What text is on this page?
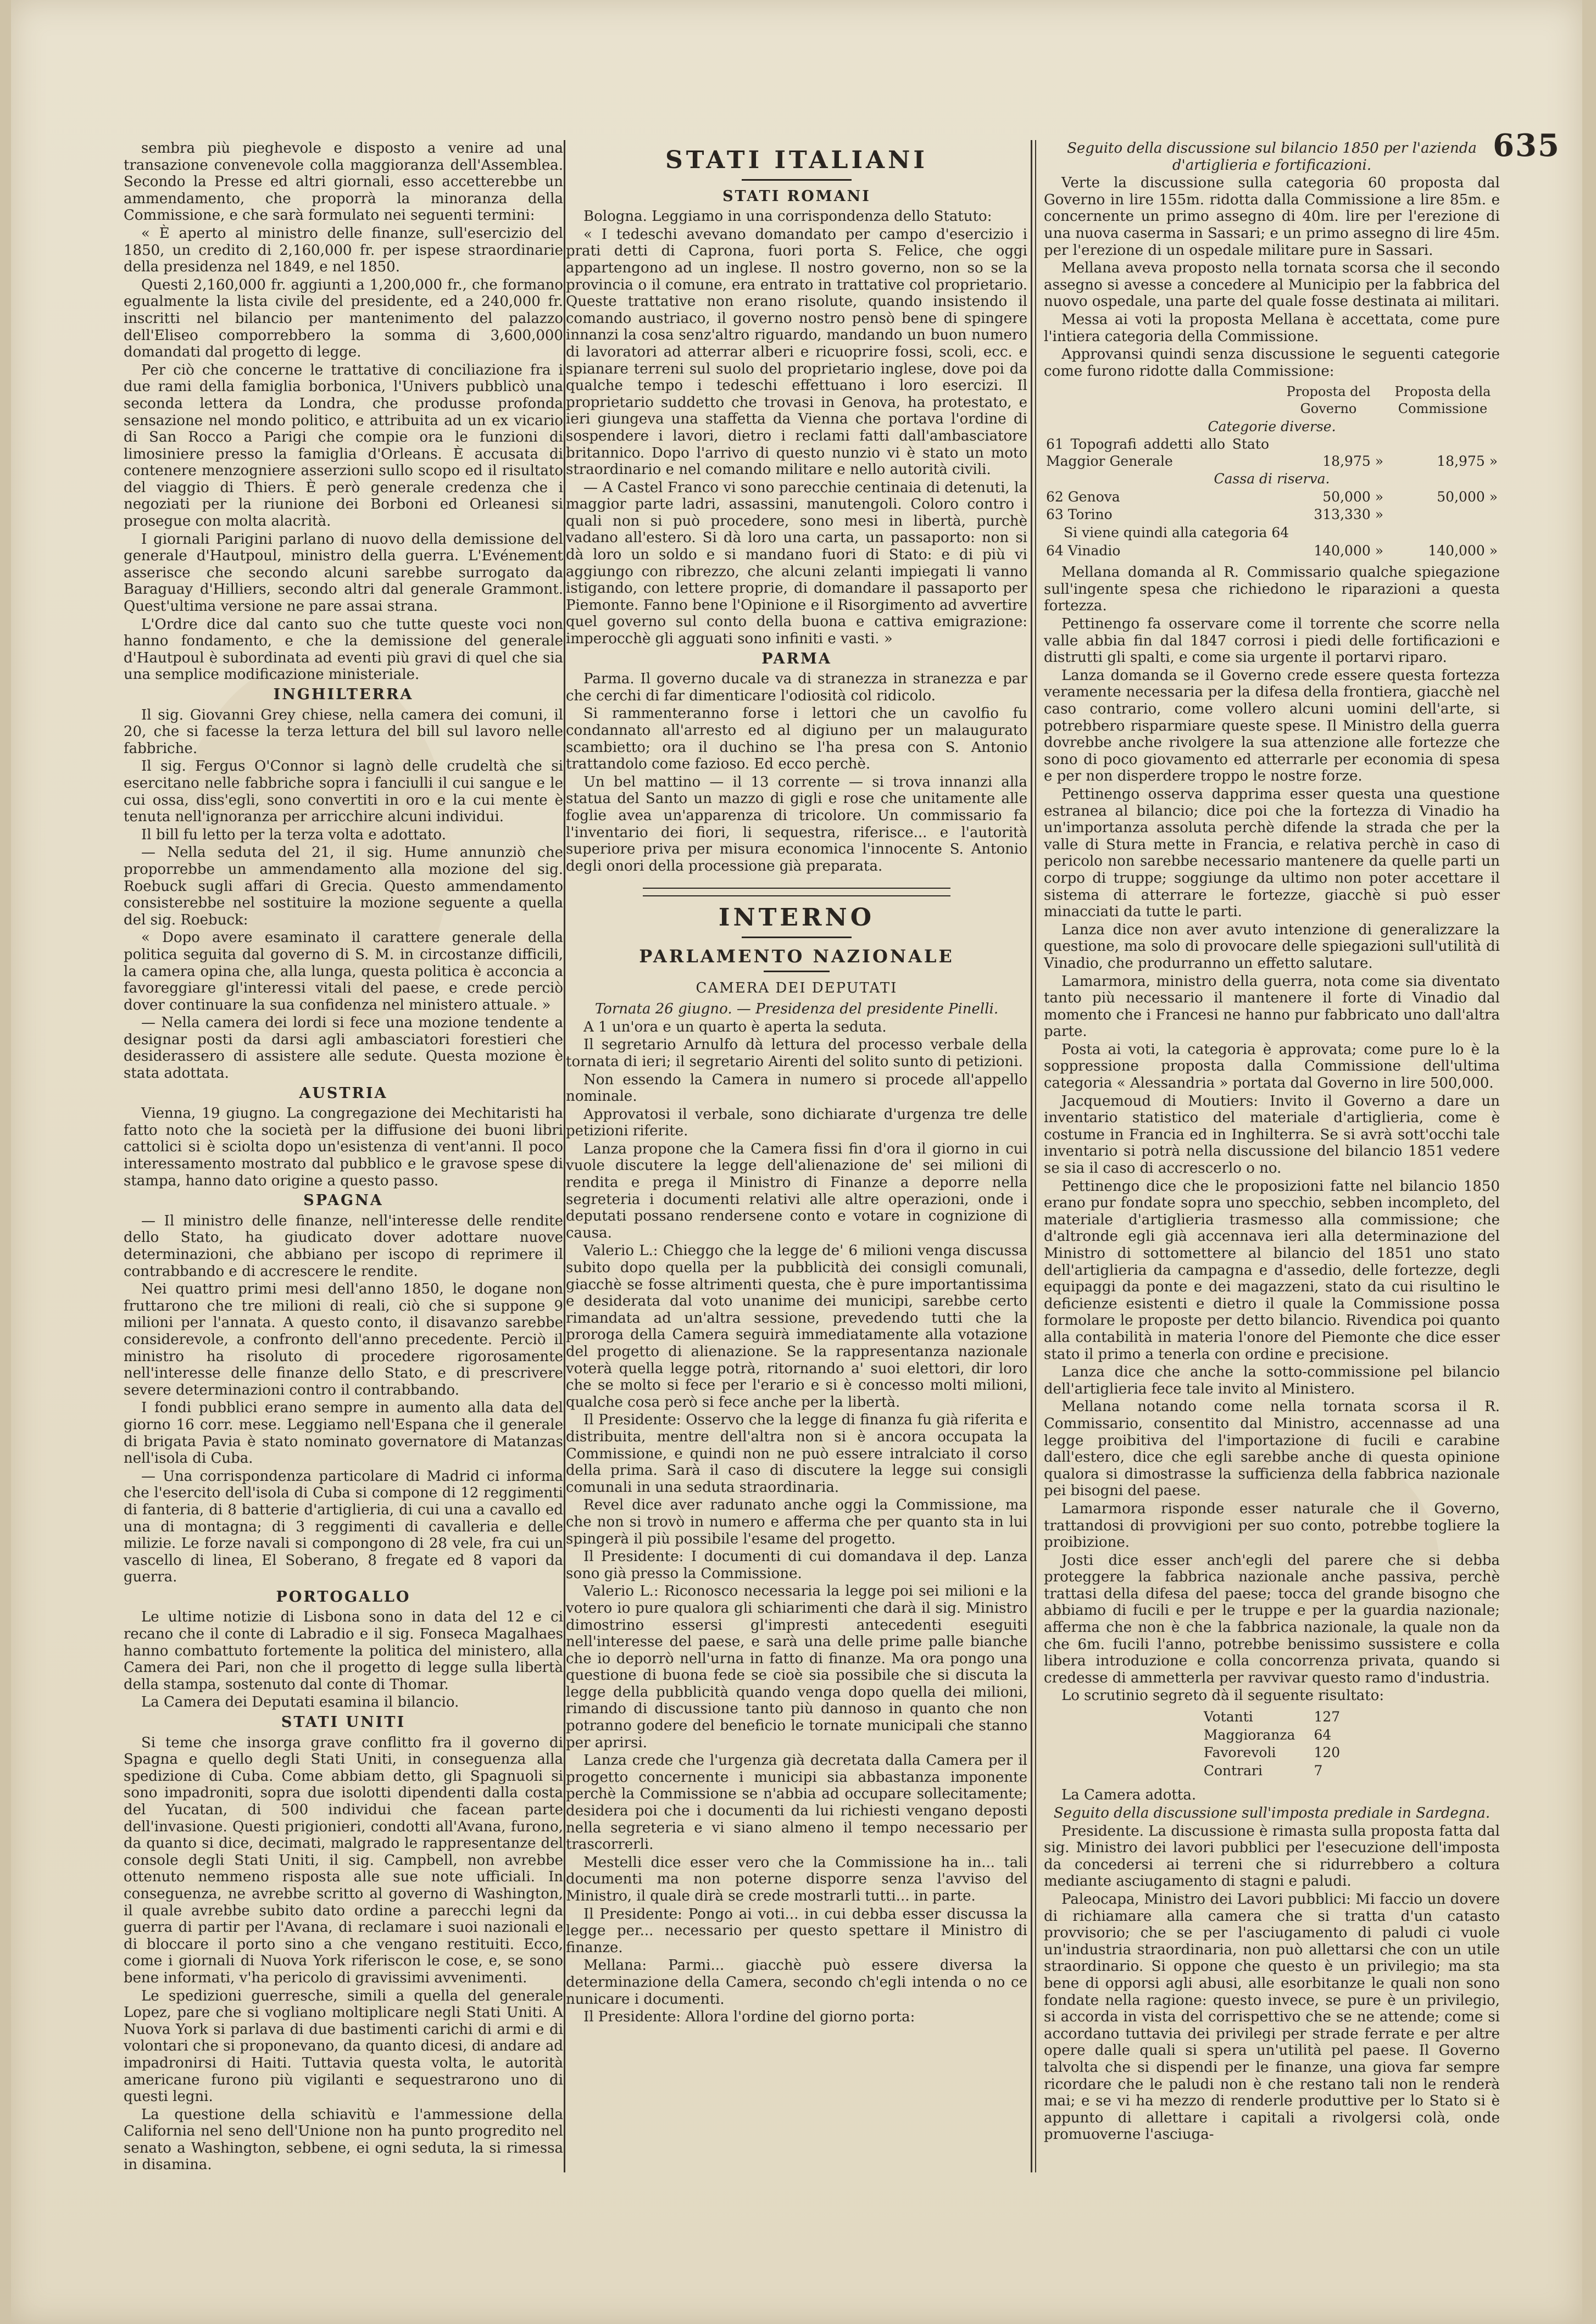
635

sembra più pieghevole e disposto a venire ad una transazione convenevole colla maggioranza dell'Assemblea. Secondo la Presse ed altri giornali, esso accetterebbe un ammendamento, che proporrà la minoranza della Commissione, e che sarà formulato nei seguenti termini:

« È aperto al ministro delle finanze, sull'esercizio del 1850, un credito di 2,160,000 fr. per ispese straordinarie della presidenza nel 1849, e nel 1850.

Questi 2,160,000 fr. aggiunti a 1,200,000 fr., che formano egualmente la lista civile del presidente, ed a 240,000 fr. inscritti nel bilancio per mantenimento del palazzo dell'Eliseo comporrebbero la somma di 3,600,000 domandati dal progetto di legge.

Per ciò che concerne le trattative di conciliazione fra i due rami della famiglia borbonica, l'Univers pubblicò una seconda lettera da Londra, che produsse profonda sensazione nel mondo politico, e attribuita ad un ex vicario di San Rocco a Parigi che compie ora le funzioni di limosiniere presso la famiglia d'Orleans. È accusata di contenere menzogniere asserzioni sullo scopo ed il risultato del viaggio di Thiers. È però generale credenza che i negoziati per la riunione dei Borboni ed Orleanesi si prosegue con molta alacrità.

I giornali Parigini parlano di nuovo della demissione del generale d'Hautpoul, ministro della guerra. L'Evénement asserisce che secondo alcuni sarebbe surrogato da Baraguay d'Hilliers, secondo altri dal generale Grammont. Quest'ultima versione ne pare assai strana.

L'Ordre dice dal canto suo che tutte queste voci non hanno fondamento, e che la demissione del generale d'Hautpoul è subordinata ad eventi più gravi di quel che sia una semplice modificazione ministeriale.

INGHILTERRA

Il sig. Giovanni Grey chiese, nella camera dei comuni, il 20, che si facesse la terza lettura del bill sul lavoro nelle fabbriche.

Il sig. Fergus O'Connor si lagnò delle crudeltà che si esercitano nelle fabbriche sopra i fanciulli il cui sangue e le cui ossa, diss'egli, sono convertiti in oro e la cui mente è tenuta nell'ignoranza per arricchire alcuni individui.

Il bill fu letto per la terza volta e adottato.

— Nella seduta del 21, il sig. Hume annunziò che proporrebbe un ammendamento alla mozione del sig. Roebuck sugli affari di Grecia. Questo ammendamento consisterebbe nel sostituire la mozione seguente a quella del sig. Roebuck:

« Dopo avere esaminato il carattere generale della politica seguita dal governo di S. M. in circostanze difficili, la camera opina che, alla lunga, questa politica è acconcia a favoreggiare gl'interessi vitali del paese, e crede perciò dover continuare la sua confidenza nel ministero attuale. »

— Nella camera dei lordi si fece una mozione tendente a designar posti da darsi agli ambasciatori forestieri che desiderassero di assistere alle sedute. Questa mozione è stata adottata.

AUSTRIA

Vienna, 19 giugno. La congregazione dei Mechitaristi ha fatto noto che la società per la diffusione dei buoni libri cattolici si è sciolta dopo un'esistenza di vent'anni. Il poco interessamento mostrato dal pubblico e le gravose spese di stampa, hanno dato origine a questo passo.

SPAGNA

— Il ministro delle finanze, nell'interesse delle rendite dello Stato, ha giudicato dover adottare nuove determinazioni, che abbiano per iscopo di reprimere il contrabbando e di accrescere le rendite.

Nei quattro primi mesi dell'anno 1850, le dogane non fruttarono che tre milioni di reali, ciò che si suppone 9 milioni per l'annata. A questo conto, il disavanzo sarebbe considerevole, a confronto dell'anno precedente. Perciò il ministro ha risoluto di procedere rigorosamente nell'interesse delle finanze dello Stato, e di prescrivere severe determinazioni contro il contrabbando.

I fondi pubblici erano sempre in aumento alla data del giorno 16 corr. mese. Leggiamo nell'Espana che il generale di brigata Pavia è stato nominato governatore di Matanzas nell'isola di Cuba.

— Una corrispondenza particolare di Madrid ci informa che l'esercito dell'isola di Cuba si compone di 12 reggimenti di fanteria, di 8 batterie d'artiglieria, di cui una a cavallo ed una di montagna; di 3 reggimenti di cavalleria e delle milizie. Le forze navali si compongono di 28 vele, fra cui un vascello di linea, El Soberano, 8 fregate ed 8 vapori da guerra.

PORTOGALLO

Le ultime notizie di Lisbona sono in data del 12 e ci recano che il conte di Labradio e il sig. Fonseca Magalhaes hanno combattuto fortemente la politica del ministero, alla Camera dei Pari, non che il progetto di legge sulla libertà della stampa, sostenuto dal conte di Thomar.

La Camera dei Deputati esamina il bilancio.

STATI UNITI

Si teme che insorga grave conflitto fra il governo di Spagna e quello degli Stati Uniti, in conseguenza alla spedizione di Cuba. Come abbiam detto, gli Spagnuoli si sono impadroniti, sopra due isolotti dipendenti dalla costa del Yucatan, di 500 individui che facean parte dell'invasione. Questi prigionieri, condotti all'Avana, furono, da quanto si dice, decimati, malgrado le rappresentanze del console degli Stati Uniti, il sig. Campbell, non avrebbe ottenuto nemmeno risposta alle sue note ufficiali. In conseguenza, ne avrebbe scritto al governo di Washington, il quale avrebbe subito dato ordine a parecchi legni da guerra di partir per l'Avana, di reclamare i suoi nazionali e di bloccare il porto sino a che vengano restituiti. Ecco, come i giornali di Nuova York riferiscon le cose, e, se sono bene informati, v'ha pericolo di gravissimi avvenimenti.

Le spedizioni guerresche, simili a quella del generale Lopez, pare che si vogliano moltiplicare negli Stati Uniti. A Nuova York si parlava di due bastimenti carichi di armi e di volontari che si proponevano, da quanto dicesi, di andare ad impadronirsi di Haiti. Tuttavia questa volta, le autorità americane furono più vigilanti e sequestrarono uno di questi legni.

La questione della schiavitù e l'ammessione della California nel seno dell'Unione non ha punto progredito nel senato a Washington, sebbene, ei ogni seduta, la si rimessa in disamina.

STATI ITALIANI
STATI ROMANI

Bologna. Leggiamo in una corrispondenza dello Statuto:

« I tedeschi avevano domandato per campo d'esercizio i prati detti di Caprona, fuori porta S. Felice, che oggi appartengono ad un inglese. Il nostro governo, non so se la provincia o il comune, era entrato in trattative col proprietario. Queste trattative non erano risolute, quando insistendo il comando austriaco, il governo nostro pensò bene di spingere innanzi la cosa senz'altro riguardo, mandando un buon numero di lavoratori ad atterrar alberi e ricuoprire fossi, scoli, ecc. e spianare terreni sul suolo del proprietario inglese, dove poi da qualche tempo i tedeschi effettuano i loro esercizi. Il proprietario suddetto che trovasi in Genova, ha protestato, e ieri giungeva una staffetta da Vienna che portava l'ordine di sospendere i lavori, dietro i reclami fatti dall'ambasciatore britannico. Dopo l'arrivo di questo nunzio vi è stato un moto straordinario e nel comando militare e nello autorità civili.

— A Castel Franco vi sono parecchie centinaia di detenuti, la maggior parte ladri, assassini, manutengoli. Coloro contro i quali non si può procedere, sono mesi in libertà, purchè vadano all'estero. Si dà loro una carta, un passaporto: non si dà loro un soldo e si mandano fuori di Stato: e di più vi aggiungo con ribrezzo, che alcuni zelanti impiegati li vanno istigando, con lettere proprie, di domandare il passaporto per Piemonte. Fanno bene l'Opinione e il Risorgimento ad avvertire quel governo sul conto della buona e cattiva emigrazione: imperocchè gli agguati sono infiniti e vasti. »

PARMA

Parma. Il governo ducale va di stranezza in stranezza e par che cerchi di far dimenticare l'odiosità col ridicolo.

Si rammenteranno forse i lettori che un cavolfio fu condannato all'arresto ed al digiuno per un malaugurato scambietto; ora il duchino se l'ha presa con S. Antonio trattandolo come fazioso. Ed ecco perchè.

Un bel mattino — il 13 corrente — si trova innanzi alla statua del Santo un mazzo di gigli e rose che unitamente alle foglie avea un'apparenza di tricolore. Un commissario fa l'inventario dei fiori, li sequestra, riferisce... e l'autorità superiore priva per misura economica l'innocente S. Antonio degli onori della processione già preparata.

INTERNO
PARLAMENTO NAZIONALE
CAMERA DEI DEPUTATI

Tornata 26 giugno. — Presidenza del presidente Pinelli.

A 1 un'ora e un quarto è aperta la seduta.

Il segretario Arnulfo dà lettura del processo verbale della tornata di ieri; il segretario Airenti del solito sunto di petizioni.

Non essendo la Camera in numero si procede all'appello nominale.

Approvatosi il verbale, sono dichiarate d'urgenza tre delle petizioni riferite.

Lanza propone che la Camera fissi fin d'ora il giorno in cui vuole discutere la legge dell'alienazione de' sei milioni di rendita e prega il Ministro di Finanze a deporre nella segreteria i documenti relativi alle altre operazioni, onde i deputati possano rendersene conto e votare in cognizione di causa.

Valerio L.: Chieggo che la legge de' 6 milioni venga discussa subito dopo quella per la pubblicità dei consigli comunali, giacchè se fosse altrimenti questa, che è pure importantissima e desiderata dal voto unanime dei municipi, sarebbe certo rimandata ad un'altra sessione, prevedendo tutti che la proroga della Camera seguirà immediatamente alla votazione del progetto di alienazione. Se la rappresentanza nazionale voterà quella legge potrà, ritornando a' suoi elettori, dir loro che se molto si fece per l'erario e si è concesso molti milioni, qualche cosa però si fece anche per la libertà.

Il Presidente: Osservo che la legge di finanza fu già riferita e distribuita, mentre dell'altra non si è ancora occupata la Commissione, e quindi non ne può essere intralciato il corso della prima. Sarà il caso di discutere la legge sui consigli comunali in una seduta straordinaria.

Revel dice aver radunato anche oggi la Commissione, ma che non si trovò in numero e afferma che per quanto sta in lui spingerà il più possibile l'esame del progetto.

Il Presidente: I documenti di cui domandava il dep. Lanza sono già presso la Commissione.

Valerio L.: Riconosco necessaria la legge poi sei milioni e la votero io pure qualora gli schiarimenti che darà il sig. Ministro dimostrino essersi gl'impresti antecedenti eseguiti nell'interesse del paese, e sarà una delle prime palle bianche che io deporrò nell'urna in fatto di finanze. Ma ora pongo una questione di buona fede se cioè sia possibile che si discuta la legge della pubblicità quando venga dopo quella dei milioni, rimando di discussione tanto più dannoso in quanto che non potranno godere del beneficio le tornate municipali che stanno per aprirsi.

Lanza crede che l'urgenza già decretata dalla Camera per il progetto concernente i municipi sia abbastanza imponente perchè la Commissione se n'abbia ad occupare sollecitamente; desidera poi che i documenti da lui richiesti vengano deposti nella segreteria e vi siano almeno il tempo necessario per trascorrerli.

Mestelli dice esser vero che la Commissione ha in... tali documenti ma non poterne disporre senza l'avviso del Ministro, il quale dirà se crede mostrarli tutti... in parte.

Il Presidente: Pongo ai voti... in cui debba esser discussa la legge per... necessario per questo spettare il Ministro di finanze.

Mellana: Parmi... giacchè può essere diversa la determinazione della Camera, secondo ch'egli intenda o no ce nunicare i documenti.

Il Presidente: Allora l'ordine del giorno porta:

Seguito della discussione sul bilancio 1850 per l'azienda d'artiglieria e fortificazioni.

Verte la discussione sulla categoria 60 proposta dal Governo in lire 155m. ridotta dalla Commissione a lire 85m. e concernente un primo assegno di 40m. lire per l'erezione di una nuova caserma in Sassari; e un primo assegno di lire 45m. per l'erezione di un ospedale militare pure in Sassari.

Mellana aveva proposto nella tornata scorsa che il secondo assegno si avesse a concedere al Municipio per la fabbrica del nuovo ospedale, una parte del quale fosse destinata ai militari.

Messa ai voti la proposta Mellana è accettata, come pure l'intiera categoria della Commissione.

Approvansi quindi senza discussione le seguenti categorie come furono ridotte dalla Commissione:

	Proposta del Governo	Proposta della Commissione
Categorie diverse.		
61 Topografi addetti allo Stato Maggior Generale	18,975 »	18,975 »
Cassa di riserva.		
62 Genova	50,000 »	50,000 »
63 Torino	313,330 »	
Si viene quindi alla categoria 64		
64 Vinadio	140,000 »	140,000 »

Mellana domanda al R. Commissario qualche spiegazione sull'ingente spesa che richiedono le riparazioni a questa fortezza.

Pettinengo fa osservare come il torrente che scorre nella valle abbia fin dal 1847 corrosi i piedi delle fortificazioni e distrutti gli spalti, e come sia urgente il portarvi riparo.

Lanza domanda se il Governo crede essere questa fortezza veramente necessaria per la difesa della frontiera, giacchè nel caso contrario, come vollero alcuni uomini dell'arte, si potrebbero risparmiare queste spese. Il Ministro della guerra dovrebbe anche rivolgere la sua attenzione alle fortezze che sono di poco giovamento ed atterrarle per economia di spesa e per non disperdere troppo le nostre forze.

Pettinengo osserva dapprima esser questa una questione estranea al bilancio; dice poi che la fortezza di Vinadio ha un'importanza assoluta perchè difende la strada che per la valle di Stura mette in Francia, e relativa perchè in caso di pericolo non sarebbe necessario mantenere da quelle parti un corpo di truppe; soggiunge da ultimo non poter accettare il sistema di atterrare le fortezze, giacchè si può esser minacciati da tutte le parti.

Lanza dice non aver avuto intenzione di generalizzare la questione, ma solo di provocare delle spiegazioni sull'utilità di Vinadio, che produrranno un effetto salutare.

Lamarmora, ministro della guerra, nota come sia diventato tanto più necessario il mantenere il forte di Vinadio dal momento che i Francesi ne hanno pur fabbricato uno dall'altra parte.

Posta ai voti, la categoria è approvata; come pure lo è la soppressione proposta dalla Commissione dell'ultima categoria « Alessandria » portata dal Governo in lire 500,000.

Jacquemoud di Moutiers: Invito il Governo a dare un inventario statistico del materiale d'artiglieria, come è costume in Francia ed in Inghilterra. Se si avrà sott'occhi tale inventario si potrà nella discussione del bilancio 1851 vedere se sia il caso di accrescerlo o no.

Pettinengo dice che le proposizioni fatte nel bilancio 1850 erano pur fondate sopra uno specchio, sebben incompleto, del materiale d'artiglieria trasmesso alla commissione; che d'altronde egli già accennava ieri alla determinazione del Ministro di sottomettere al bilancio del 1851 uno stato dell'artiglieria da campagna e d'assedio, delle fortezze, degli equipaggi da ponte e dei magazzeni, stato da cui risultino le deficienze esistenti e dietro il quale la Commissione possa formolare le proposte per detto bilancio. Rivendica poi quanto alla contabilità in materia l'onore del Piemonte che dice esser stato il primo a tenerla con ordine e precisione.

Lanza dice che anche la sotto-commissione pel bilancio dell'artiglieria fece tale invito al Ministero.

Mellana notando come nella tornata scorsa il R. Commissario, consentito dal Ministro, accennasse ad una legge proibitiva del l'importazione di fucili e carabine dall'estero, dice che egli sarebbe anche di questa opinione qualora si dimostrasse la sufficienza della fabbrica nazionale pei bisogni del paese.

Lamarmora risponde esser naturale che il Governo, trattandosi di provvigioni per suo conto, potrebbe togliere la proibizione.

Josti dice esser anch'egli del parere che si debba proteggere la fabbrica nazionale anche passiva, perchè trattasi della difesa del paese; tocca del grande bisogno che abbiamo di fucili e per le truppe e per la guardia nazionale; afferma che non è che la fabbrica nazionale, la quale non da che 6m. fucili l'anno, potrebbe benissimo sussistere e colla libera introduzione e colla concorrenza privata, quando si credesse di ammetterla per ravvivar questo ramo d'industria.

Lo scrutinio segreto dà il seguente risultato:

Votanti	127
Maggioranza	64
Favorevoli	120
Contrari	7

La Camera adotta.

Seguito della discussione sull'imposta prediale in Sardegna.

Presidente. La discussione è rimasta sulla proposta fatta dal sig. Ministro dei lavori pubblici per l'esecuzione dell'imposta da concedersi ai terreni che si ridurrebbero a coltura mediante asciugamento di stagni e paludi.

Paleocapa, Ministro dei Lavori pubblici: Mi faccio un dovere di richiamare alla camera che si tratta d'un catasto provvisorio; che se per l'asciugamento di paludi ci vuole un'industria straordinaria, non può allettarsi che con un utile straordinario. Si oppone che questo è un privilegio; ma sta bene di opporsi agli abusi, alle esorbitanze le quali non sono fondate nella ragione: questo invece, se pure è un privilegio, si accorda in vista del corrispettivo che se ne attende; come si accordano tuttavia dei privilegi per strade ferrate e per altre opere dalle quali si spera un'utilità pel paese. Il Governo talvolta che si dispendi per le finanze, una giova far sempre ricordare che le paludi non è che restano tali non le renderà mai; e se vi ha mezzo di renderle produttive per lo Stato si è appunto di allettare i capitali a rivolgersi colà, onde promuoverne l'asciuga-
